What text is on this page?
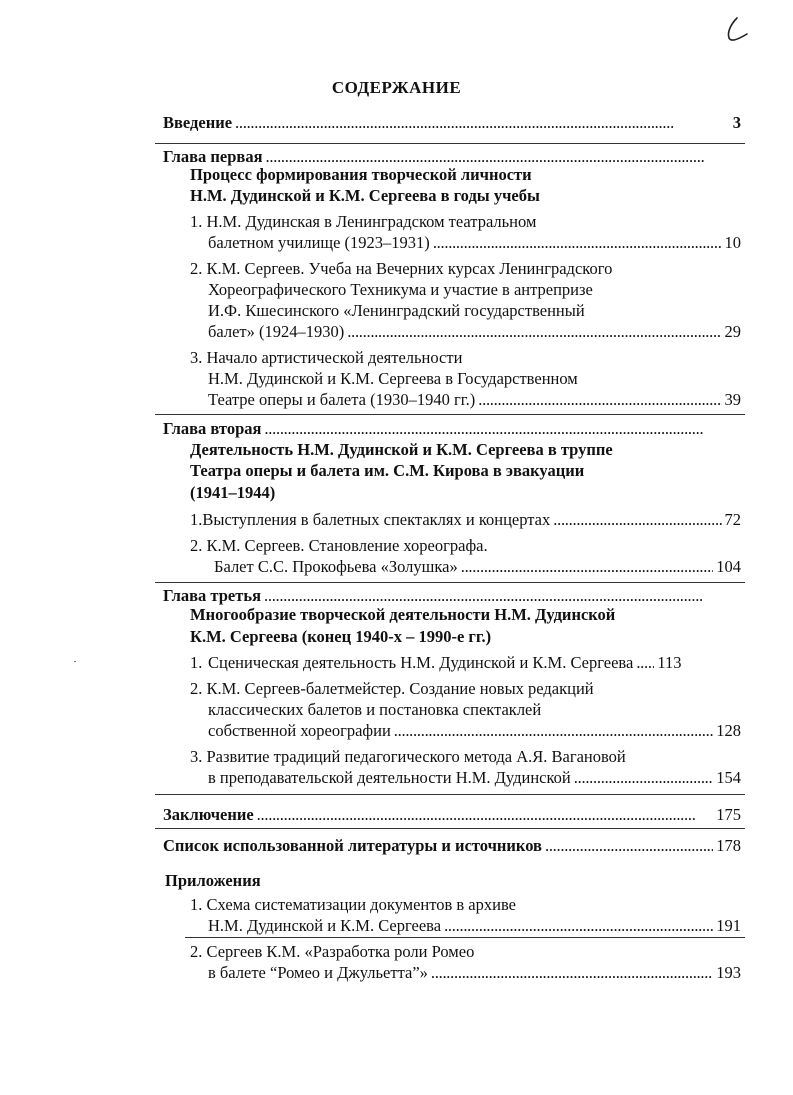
СОДЕРЖАНИЕ
Введение . . .	3
Глава первая
. . .
Процесс формирования творческой личности
Н.М. Дудинской и К.М. Сергеева в годы учебы
1. Н.М. Дудинская в Ленинградском театральном
балетном училище (1923–1931) . . .	10
2. К.М. Сергеев. Учеба на Вечерних курсах Ленинградского
Хореографического Техникума и участие в антрепризе
И.Ф. Кшесинского «Ленинградский государственный
балет» (1924–1930) . . .	29
3. Начало артистической деятельности
Н.М. Дудинской и К.М. Сергеева в Государственном
Театре оперы и балета (1930–1940 гг.) . . .	39
Глава вторая
. . .
Деятельность Н.М. Дудинской и К.М. Сергеева в труппе
Театра оперы и балета им. С.М. Кирова в эвакуации
(1941–1944)
1. Выступления в балетных спектаклях и концертах . . .	72
2. К.М. Сергеев. Становление хореографа.
Балет С.С. Прокофьева «Золушка» . . .	104
Глава третья
. . .
Многообразие творческой деятельности Н.М. Дудинской
К.М. Сергеева (конец 1940-х – 1990-е гг.)
1. Сценическая деятельность Н.М. Дудинской и К.М. Сергеева . . . 113
2. К.М. Сергеев-балетмейстер. Создание новых редакций
классических балетов и постановка спектаклей
собственной хореографии . . .	128
3. Развитие традиций педагогического метода А.Я. Вагановой
в преподавательской деятельности Н.М. Дудинской . . .	154
Заключение . . .	175
Список использованной литературы и источников . . .	178
Приложения
1. Схема систематизации документов в архиве
Н.М. Дудинской и К.М. Сергеева . . .	191
2. Сергеев К.М. «Разработка роли Ромео
в балете “Ромео и Джульетта”» . . .	193
